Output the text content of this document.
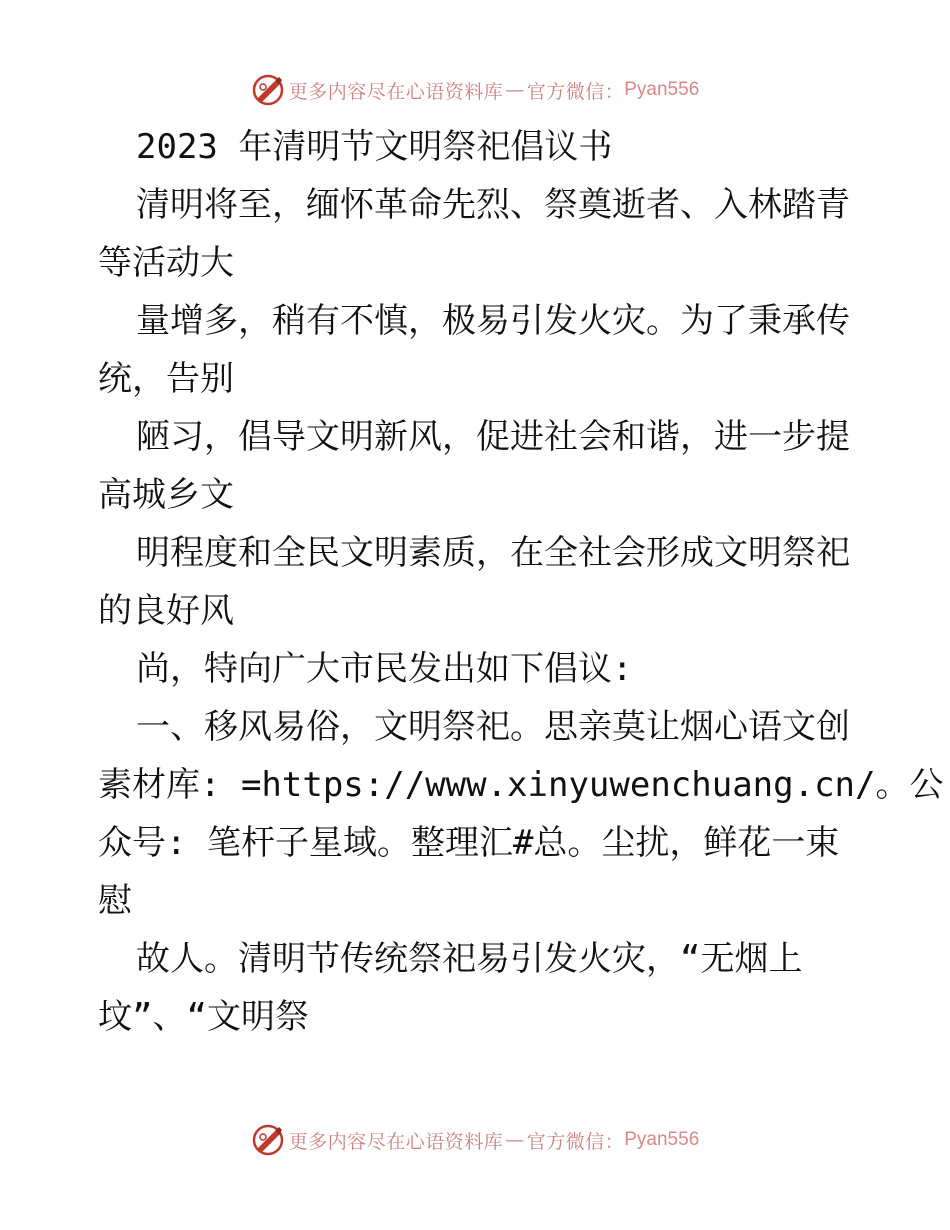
更多内容尽在心语资料库 — 官方微信： Pyan556

2023 年清明节文明祭祀倡议书

清明将至，缅怀革命先烈、祭奠逝者、入林踏青

等活动大

量增多，稍有不慎，极易引发火灾。为了秉承传

统，告别

陋习，倡导文明新风，促进社会和谐，进一步提

高城乡文

明程度和全民文明素质，在全社会形成文明祭祀

的良好风

尚，特向广大市民发出如下倡议:

一、移风易俗，文明祭祀。思亲莫让烟心语文创

素材库: =https://www.xinyuwenchuang.cn/。公

众号: 笔杆子星域。整理汇#总。尘扰，鲜花一束

慰

故人。清明节传统祭祀易引发火灾，“无烟上

坟”、“文明祭

更多内容尽在心语资料库 — 官方微信： Pyan556
